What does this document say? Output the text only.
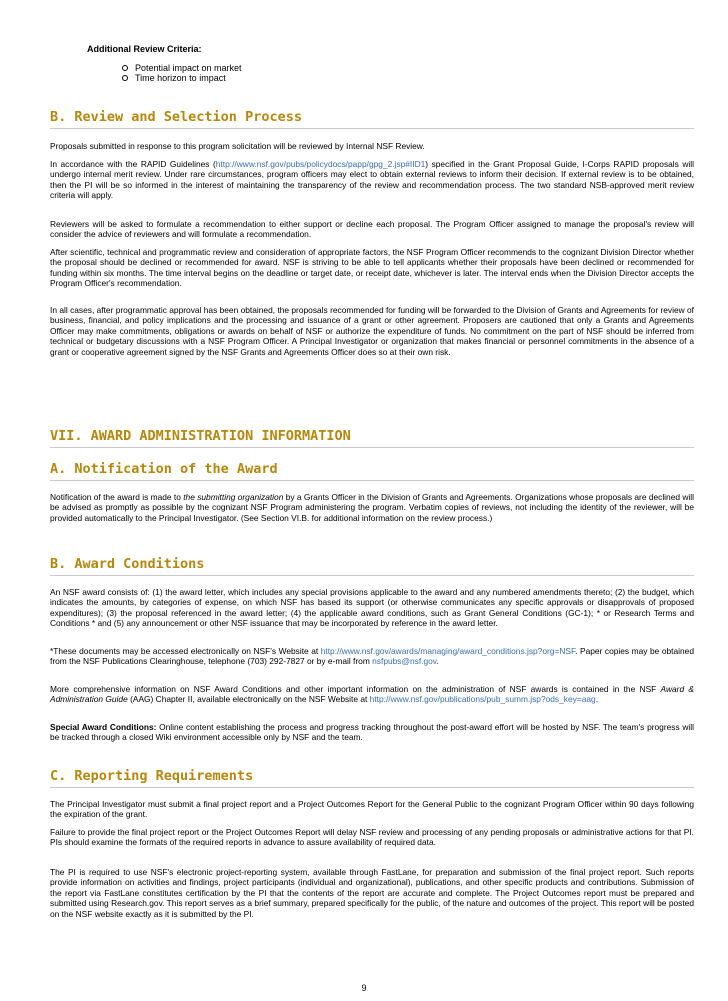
Additional Review Criteria:
Potential impact on market
Time horizon to impact
B. Review and Selection Process

Proposals submitted in response to this program solicitation will be reviewed by Internal NSF Review.

In accordance with the RAPID Guidelines (http://www.nsf.gov/pubs/policydocs/papp/gpg_2.jsp#IID1) specified in the Grant Proposal Guide, I-Corps RAPID proposals will undergo internal merit review. Under rare circumstances, program officers may elect to obtain external reviews to inform their decision. If external review is to be obtained, then the PI will be so informed in the interest of maintaining the transparency of the review and recommendation process. The two standard NSB-approved merit review criteria will apply.

Reviewers will be asked to formulate a recommendation to either support or decline each proposal. The Program Officer assigned to manage the proposal's review will consider the advice of reviewers and will formulate a recommendation.

After scientific, technical and programmatic review and consideration of appropriate factors, the NSF Program Officer recommends to the cognizant Division Director whether the proposal should be declined or recommended for award. NSF is striving to be able to tell applicants whether their proposals have been declined or recommended for funding within six months. The time interval begins on the deadline or target date, or receipt date, whichever is later. The interval ends when the Division Director accepts the Program Officer's recommendation.

In all cases, after programmatic approval has been obtained, the proposals recommended for funding will be forwarded to the Division of Grants and Agreements for review of business, financial, and policy implications and the processing and issuance of a grant or other agreement. Proposers are cautioned that only a Grants and Agreements Officer may make commitments, obligations or awards on behalf of NSF or authorize the expenditure of funds. No commitment on the part of NSF should be inferred from technical or budgetary discussions with a NSF Program Officer. A Principal Investigator or organization that makes financial or personnel commitments in the absence of a grant or cooperative agreement signed by the NSF Grants and Agreements Officer does so at their own risk.

VII. AWARD ADMINISTRATION INFORMATION
A. Notification of the Award

Notification of the award is made to the submitting organization by a Grants Officer in the Division of Grants and Agreements. Organizations whose proposals are declined will be advised as promptly as possible by the cognizant NSF Program administering the program. Verbatim copies of reviews, not including the identity of the reviewer, will be provided automatically to the Principal Investigator. (See Section VI.B. for additional information on the review process.)

B. Award Conditions

An NSF award consists of: (1) the award letter, which includes any special provisions applicable to the award and any numbered amendments thereto; (2) the budget, which indicates the amounts, by categories of expense, on which NSF has based its support (or otherwise communicates any specific approvals or disapprovals of proposed expenditures); (3) the proposal referenced in the award letter; (4) the applicable award conditions, such as Grant General Conditions (GC-1); * or Research Terms and Conditions * and (5) any announcement or other NSF issuance that may be incorporated by reference in the award letter.

*These documents may be accessed electronically on NSF's Website at http://www.nsf.gov/awards/managing/award_conditions.jsp?org=NSF. Paper copies may be obtained from the NSF Publications Clearinghouse, telephone (703) 292-7827 or by e-mail from nsfpubs@nsf.gov.

More comprehensive information on NSF Award Conditions and other important information on the administration of NSF awards is contained in the NSF Award & Administration Guide (AAG) Chapter II, available electronically on the NSF Website at http://www.nsf.gov/publications/pub_summ.jsp?ods_key=aag.

Special Award Conditions: Online content establishing the process and progress tracking throughout the post-award effort will be hosted by NSF. The team's progress will be tracked through a closed Wiki environment accessible only by NSF and the team.

C. Reporting Requirements

The Principal Investigator must submit a final project report and a Project Outcomes Report for the General Public to the cognizant Program Officer within 90 days following the expiration of the grant.

Failure to provide the final project report or the Project Outcomes Report will delay NSF review and processing of any pending proposals or administrative actions for that PI. PIs should examine the formats of the required reports in advance to assure availability of required data.

The PI is required to use NSF's electronic project-reporting system, available through FastLane, for preparation and submission of the final project report. Such reports provide information on activities and findings, project participants (individual and organizational), publications, and other specific products and contributions. Submission of the report via FastLane constitutes certification by the PI that the contents of the report are accurate and complete. The Project Outcomes report must be prepared and submitted using Research.gov. This report serves as a brief summary, prepared specifically for the public, of the nature and outcomes of the project. This report will be posted on the NSF website exactly as it is submitted by the PI.

9
